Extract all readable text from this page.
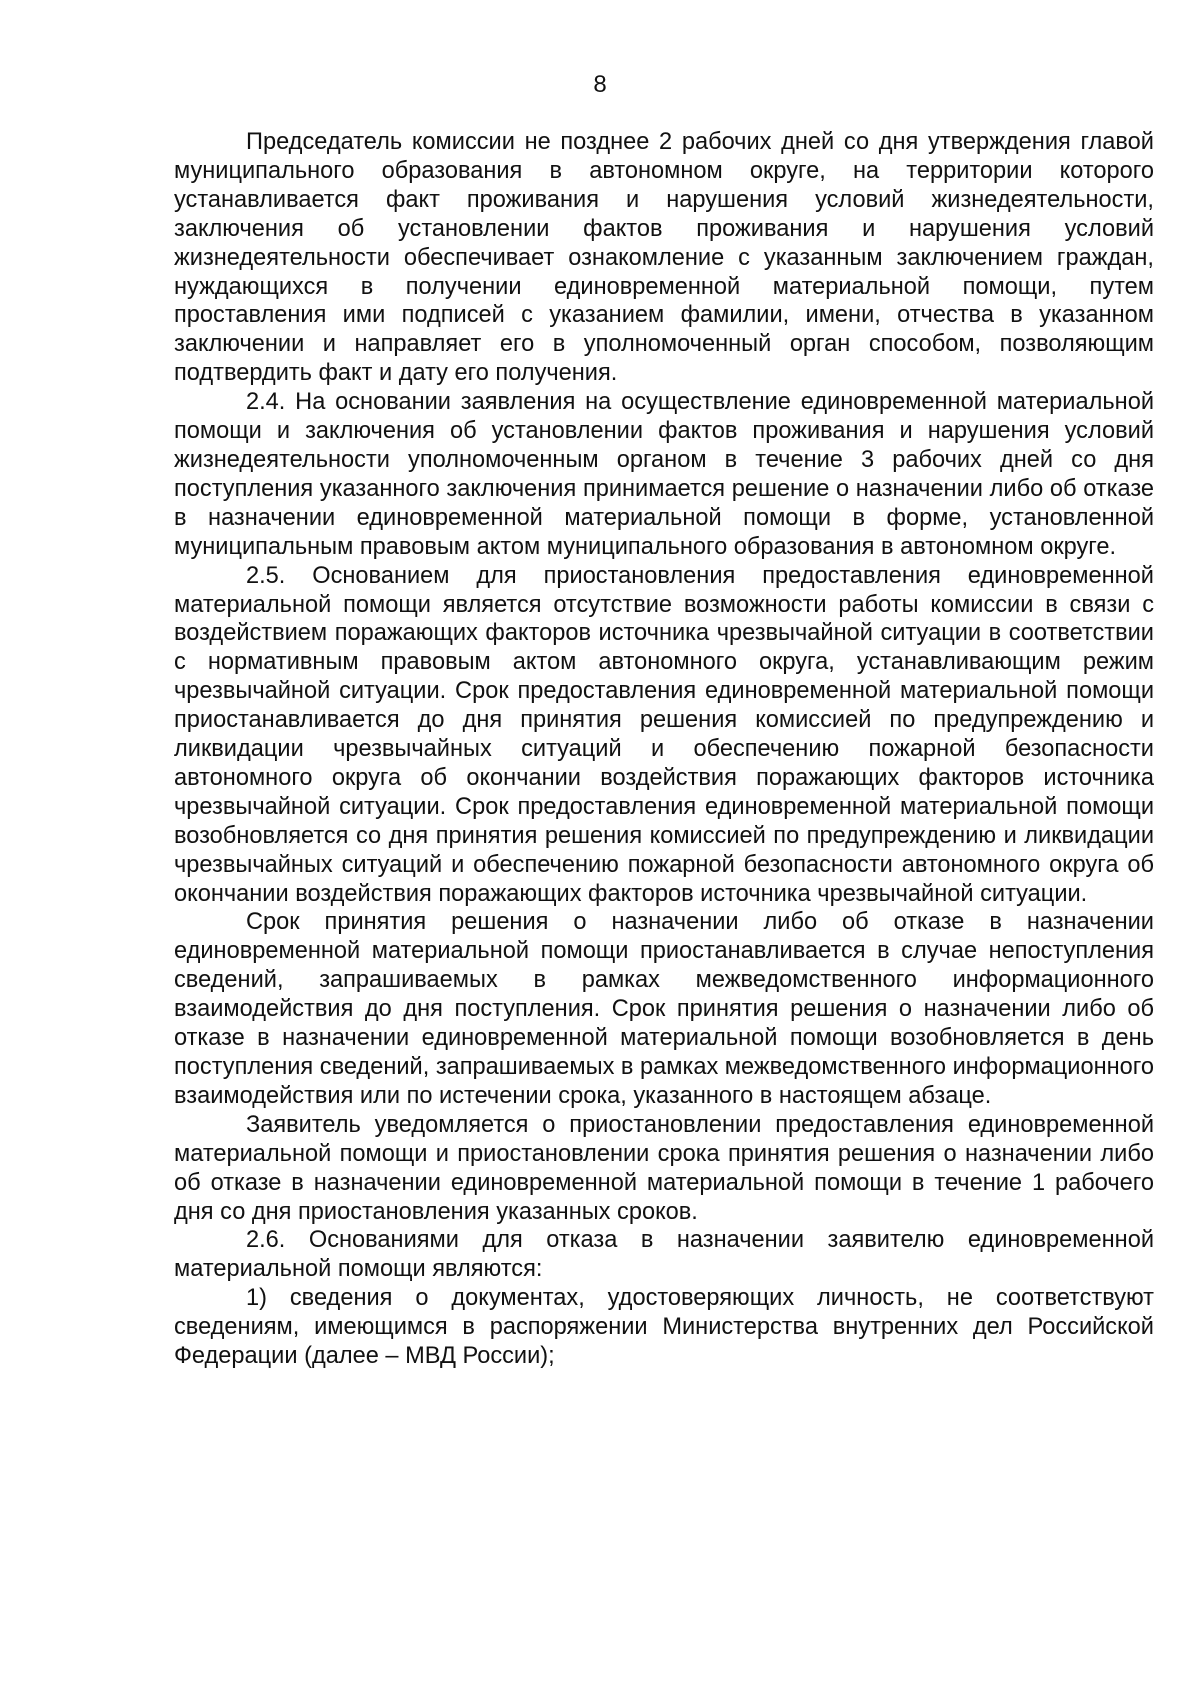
8

Председатель комиссии не позднее 2 рабочих дней со дня утверждения главой муниципального образования в автономном округе, на территории которого устанавливается факт проживания и нарушения условий жизнедеятельности, заключения об установлении фактов проживания и нарушения условий жизнедеятельности обеспечивает ознакомление с указанным заключением граждан, нуждающихся в получении единовременной материальной помощи, путем проставления ими подписей с указанием фамилии, имени, отчества в указанном заключении и направляет его в уполномоченный орган способом, позволяющим подтвердить факт и дату его получения.

2.4. На основании заявления на осуществление единовременной материальной помощи и заключения об установлении фактов проживания и нарушения условий жизнедеятельности уполномоченным органом в течение 3 рабочих дней со дня поступления указанного заключения принимается решение о назначении либо об отказе в назначении единовременной материальной помощи в форме, установленной муниципальным правовым актом муниципального образования в автономном округе.

2.5. Основанием для приостановления предоставления единовременной материальной помощи является отсутствие возможности работы комиссии в связи с воздействием поражающих факторов источника чрезвычайной ситуации в соответствии с нормативным правовым актом автономного округа, устанавливающим режим чрезвычайной ситуации. Срок предоставления единовременной материальной помощи приостанавливается до дня принятия решения комиссией по предупреждению и ликвидации чрезвычайных ситуаций и обеспечению пожарной безопасности автономного округа об окончании воздействия поражающих факторов источника чрезвычайной ситуации. Срок предоставления единовременной материальной помощи возобновляется со дня принятия решения комиссией по предупреждению и ликвидации чрезвычайных ситуаций и обеспечению пожарной безопасности автономного округа об окончании воздействия поражающих факторов источника чрезвычайной ситуации.

Срок принятия решения о назначении либо об отказе в назначении единовременной материальной помощи приостанавливается в случае непоступления сведений, запрашиваемых в рамках межведомственного информационного взаимодействия до дня поступления. Срок принятия решения о назначении либо об отказе в назначении единовременной материальной помощи возобновляется в день поступления сведений, запрашиваемых в рамках межведомственного информационного взаимодействия или по истечении срока, указанного в настоящем абзаце.

Заявитель уведомляется о приостановлении предоставления единовременной материальной помощи и приостановлении срока принятия решения о назначении либо об отказе в назначении единовременной материальной помощи в течение 1 рабочего дня со дня приостановления указанных сроков.

2.6. Основаниями для отказа в назначении заявителю единовременной материальной помощи являются:

1) сведения о документах, удостоверяющих личность, не соответствуют сведениям, имеющимся в распоряжении Министерства внутренних дел Российской Федерации (далее – МВД России);
